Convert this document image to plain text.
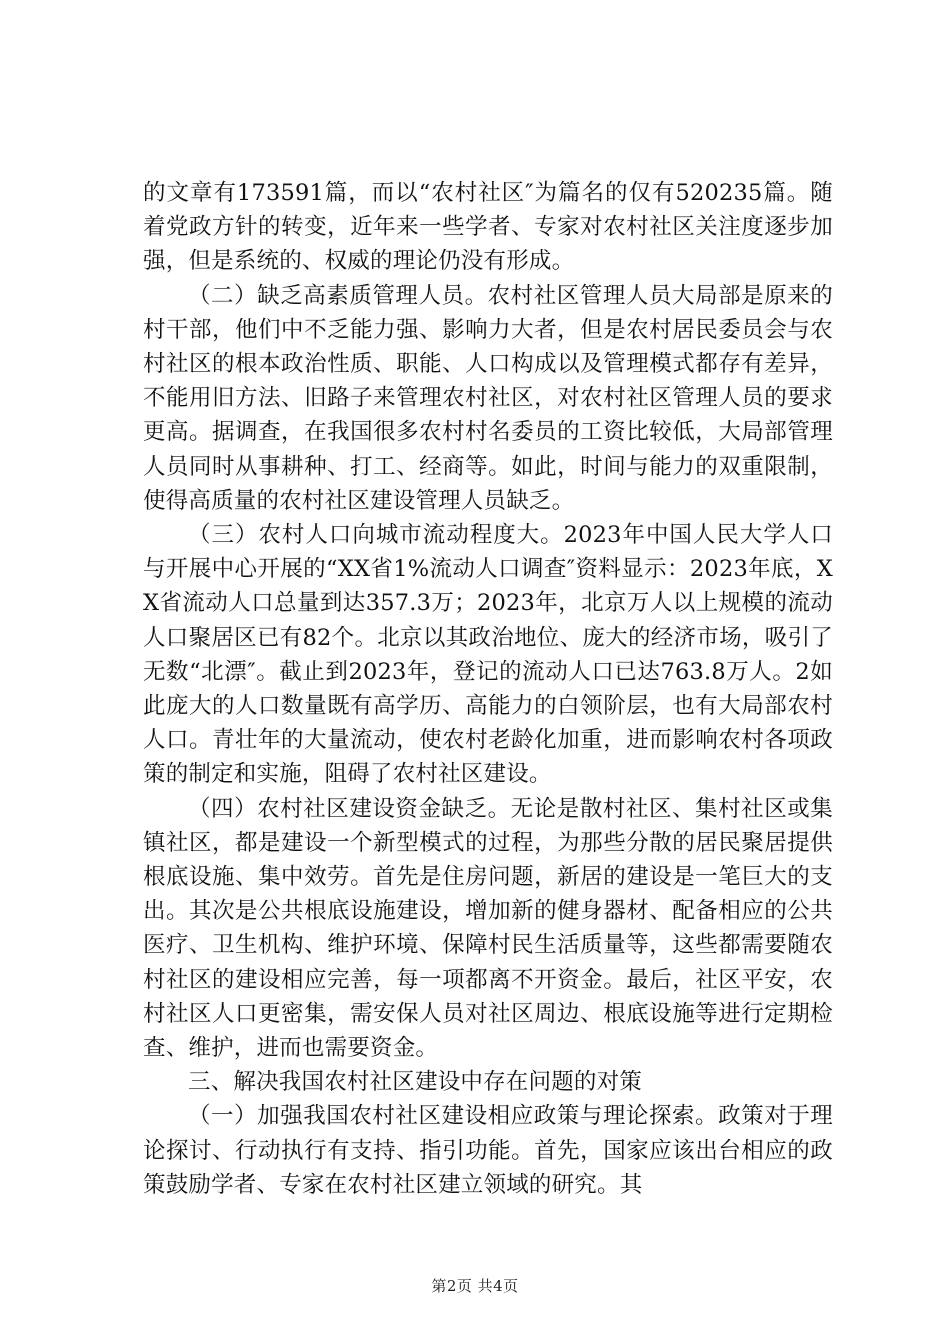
的文章有173591篇，而以“农村社区″为篇名的仅有520235篇。随着党政方针的转变，近年来一些学者、专家对农村社区关注度逐步加强，但是系统的、权威的理论仍没有形成。

（二）缺乏高素质管理人员。农村社区管理人员大局部是原来的村干部，他们中不乏能力强、影响力大者，但是农村居民委员会与农村社区的根本政治性质、职能、人口构成以及管理模式都存有差异，不能用旧方法、旧路子来管理农村社区，对农村社区管理人员的要求更高。据调查，在我国很多农村村名委员的工资比较低，大局部管理人员同时从事耕种、打工、经商等。如此，时间与能力的双重限制，使得高质量的农村社区建设管理人员缺乏。

（三）农村人口向城市流动程度大。2023年中国人民大学人口与开展中心开展的“XX省1%流动人口调查″资料显示：2023年底，XX省流动人口总量到达357.3万；2023年，北京万人以上规模的流动人口聚居区已有82个。北京以其政治地位、庞大的经济市场，吸引了无数“北漂″。截止到2023年，登记的流动人口已达763.8万人。2如此庞大的人口数量既有高学历、高能力的白领阶层，也有大局部农村人口。青壮年的大量流动，使农村老龄化加重，进而影响农村各项政策的制定和实施，阻碍了农村社区建设。

（四）农村社区建设资金缺乏。无论是散村社区、集村社区或集镇社区，都是建设一个新型模式的过程，为那些分散的居民聚居提供根底设施、集中效劳。首先是住房问题，新居的建设是一笔巨大的支出。其次是公共根底设施建设，增加新的健身器材、配备相应的公共医疗、卫生机构、维护环境、保障村民生活质量等，这些都需要随农村社区的建设相应完善，每一项都离不开资金。最后，社区平安，农村社区人口更密集，需安保人员对社区周边、根底设施等进行定期检查、维护，进而也需要资金。

三、解决我国农村社区建设中存在问题的对策

（一）加强我国农村社区建设相应政策与理论探索。政策对于理论探讨、行动执行有支持、指引功能。首先，国家应该出台相应的政策鼓励学者、专家在农村社区建立领域的研究。其

第2页 共4页
